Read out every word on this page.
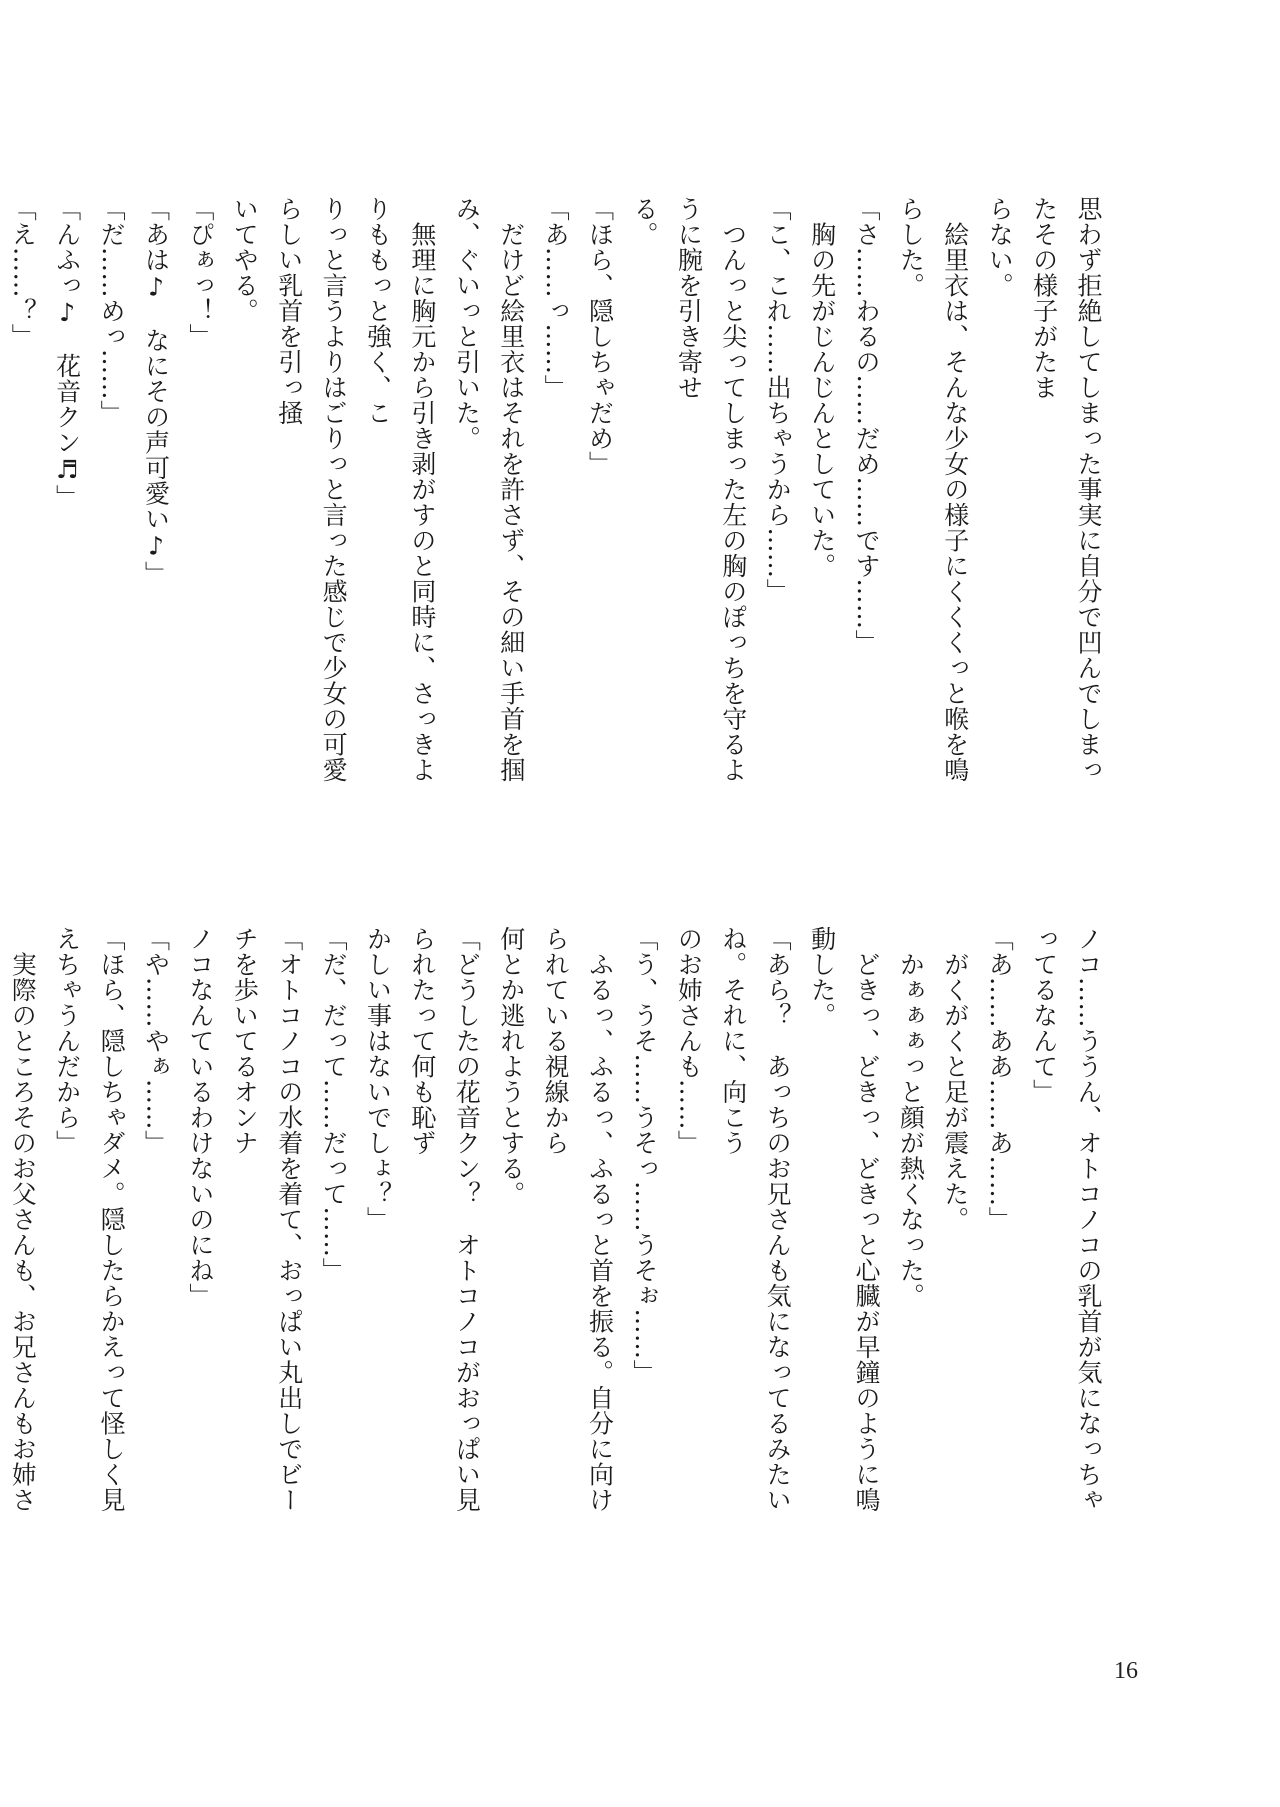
思わず拒絶してしまった事実に自分で凹んでしまったその様子がたま

らない。

　絵里衣は、そんな少女の様子にくくくっと喉を鳴らした。

「さ……わるの……だめ……です……」

　胸の先がじんじんとしていた。

「こ、これ……出ちゃうから……」

　つんっと尖ってしまった左の胸のぽっちを守るように腕を引き寄せ

る。

「ほら、隠しちゃだめ」

「あ……っ……」

　だけど絵里衣はそれを許さず、その細い手首を掴み、ぐいっと引いた。

　無理に胸元から引き剥がすのと同時に、さっきよりももっと強く、こ

りっと言うよりはごりっと言った感じで少女の可愛らしい乳首を引っ掻

いてやる。

「ぴぁっ！」

「あは♪　なにその声可愛い♪」

「だ……めっ……」

「んふっ♪　花音クン♬」

「え……？」

ノコ……ううん、オトコノコの乳首が気になっちゃってるなんて」

「あ……ああ……あ……」

　がくがくと足が震えた。

　かぁぁぁっと顔が熱くなった。

　どきっ、どきっ、どきっと心臓が早鐘のように鳴動した。

「あら？　あっちのお兄さんも気になってるみたいね。それに、向こう

のお姉さんも……」

「う、うそ……うそっ……うそぉ……」

　ふるっ、ふるっ、ふるっと首を振る。自分に向けられている視線から

何とか逃れようとする。

「どうしたの花音クン？　オトコノコがおっぱい見られたって何も恥ず

かしい事はないでしょ？」

「だ、だって……だって……」

「オトコノコの水着を着て、おっぱい丸出しでビーチを歩いてるオンナ

ノコなんているわけないのにね」

「や……やぁ……」

「ほら、隠しちゃダメ。隠したらかえって怪しく見えちゃうんだから」

　実際のところそのお父さんも、お兄さんもお姉さ

16
